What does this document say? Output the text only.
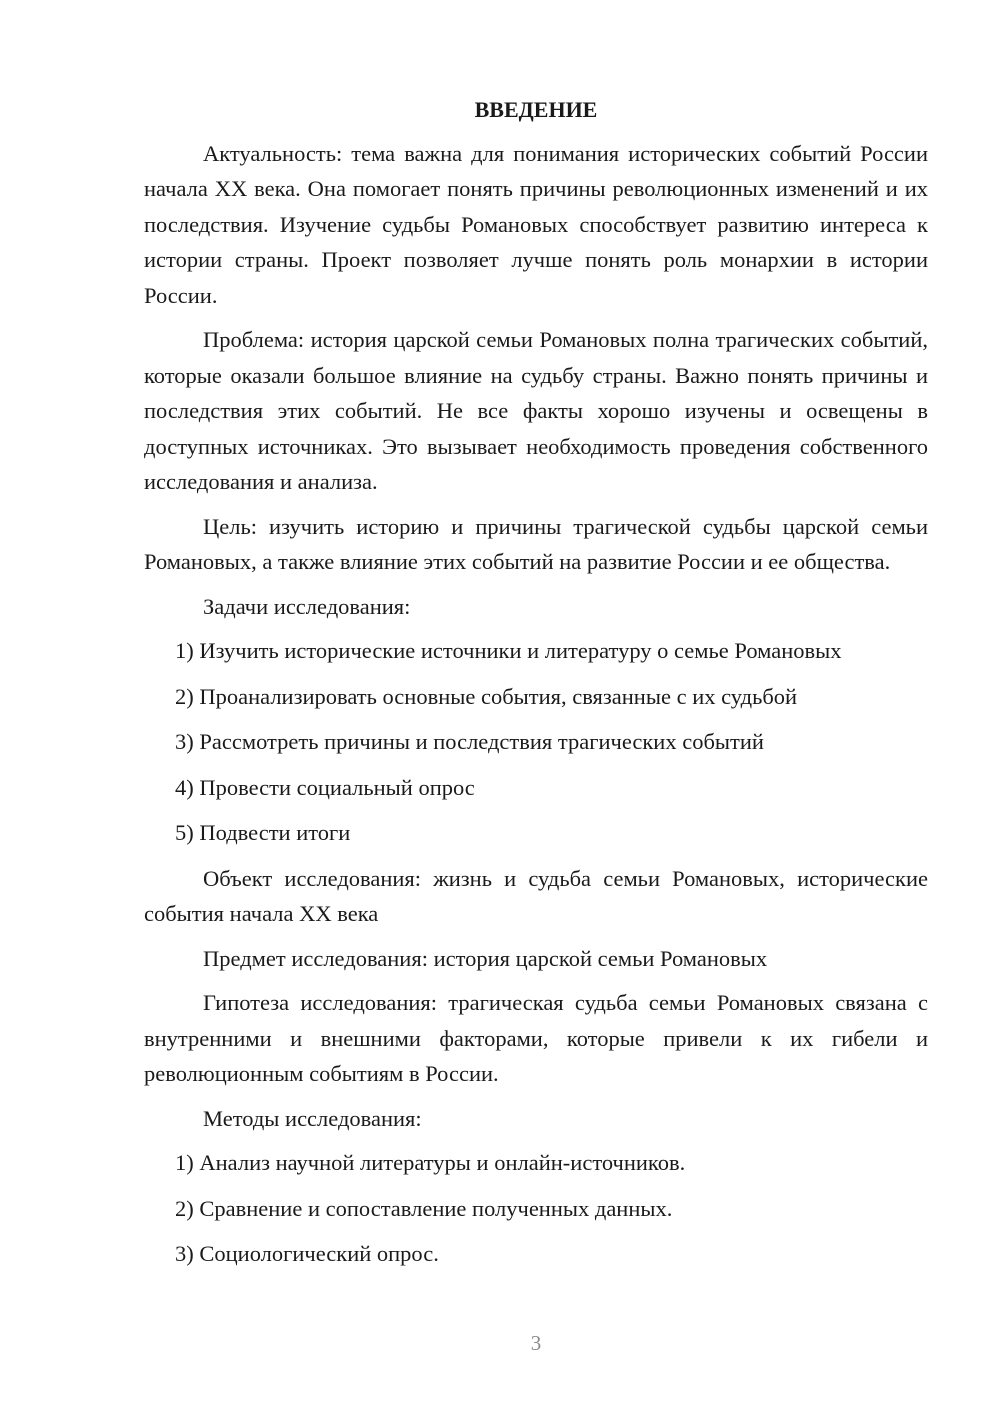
ВВЕДЕНИЕ

Актуальность: тема важна для понимания исторических событий России начала XX века. Она помогает понять причины революционных изменений и их последствия. Изучение судьбы Романовых способствует развитию интереса к истории страны. Проект позволяет лучше понять роль монархии в истории России.

Проблема: история царской семьи Романовых полна трагических событий, которые оказали большое влияние на судьбу страны. Важно понять причины и последствия этих событий. Не все факты хорошо изучены и освещены в доступных источниках. Это вызывает необходимость проведения собственного исследования и анализа.

Цель: изучить историю и причины трагической судьбы царской семьи Романовых, а также влияние этих событий на развитие России и ее общества.

Задачи исследования:

1) Изучить исторические источники и литературу о семье Романовых
2) Проанализировать основные события, связанные с их судьбой
3) Рассмотреть причины и последствия трагических событий
4) Провести социальный опрос
5) Подвести итоги

Объект исследования: жизнь и судьба семьи Романовых, исторические события начала XX века

Предмет исследования: история царской семьи Романовых

Гипотеза исследования: трагическая судьба семьи Романовых связана с внутренними и внешними факторами, которые привели к их гибели и революционным событиям в России.

Методы исследования:

1) Анализ научной литературы и онлайн-источников.
2) Сравнение и сопоставление полученных данных.
3) Социологический опрос.
3
